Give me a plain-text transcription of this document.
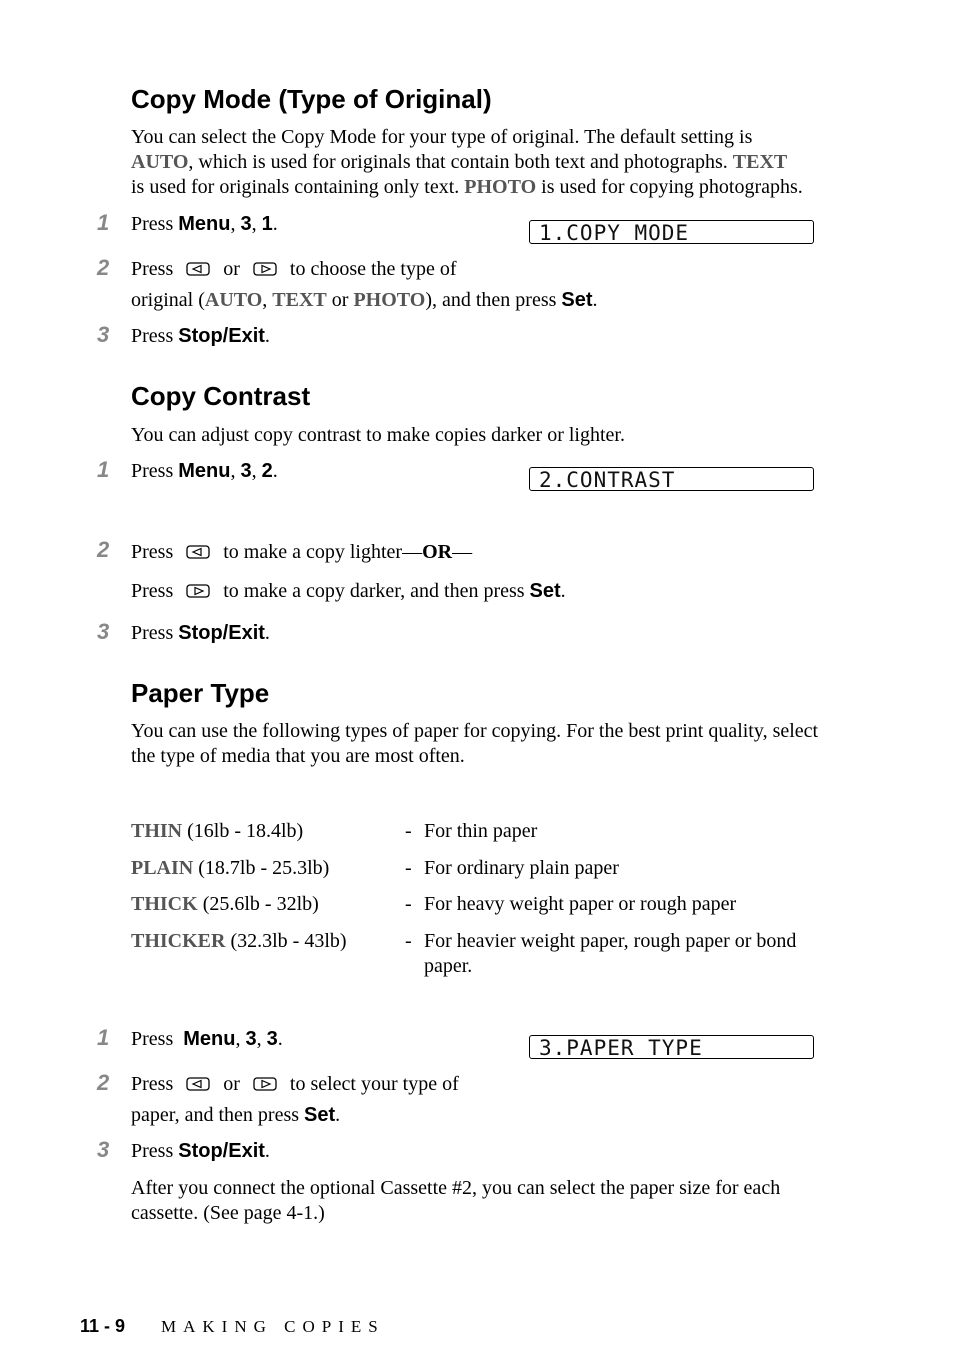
Copy Mode (Type of Original)
You can select the Copy Mode for your type of original. The default setting is
AUTO, which is used for originals that contain both text and photographs. TEXT
is used for originals containing only text. PHOTO is used for copying photographs.
1 Press Menu, 3, 1.	1.COPY MODE
2 Press	or	to choose the type of
original (AUTO, TEXT or PHOTO), and then press Set.
3 Press Stop/Exit.
Copy Contrast
You can adjust copy contrast to make copies darker or lighter.
1 Press Menu, 3, 2.	2.CONTRAST
2 Press	to make a copy lighter—OR—
Press	to make a copy darker, and then press Set.
3 Press Stop/Exit.
Paper Type
You can use the following types of paper for copying. For the best print quality, select the type of media that you are most often.
THIN (16lb - 18.4lb)	- For thin paper
PLAIN (18.7lb - 25.3lb)	- For ordinary plain paper
THICK (25.6lb - 32lb)	- For heavy weight paper or rough paper
THICKER (32.3lb - 43lb)	- For heavier weight paper, rough paper or bond paper.
1 Press Menu, 3, 3.	3.PAPER TYPE
2 Press	or	to select your type of
paper, and then press Set.
3 Press Stop/Exit.
After you connect the optional Cassette #2, you can select the paper size for each cassette. (See page 4-1.)
11 - 9 MAKING COPIES
